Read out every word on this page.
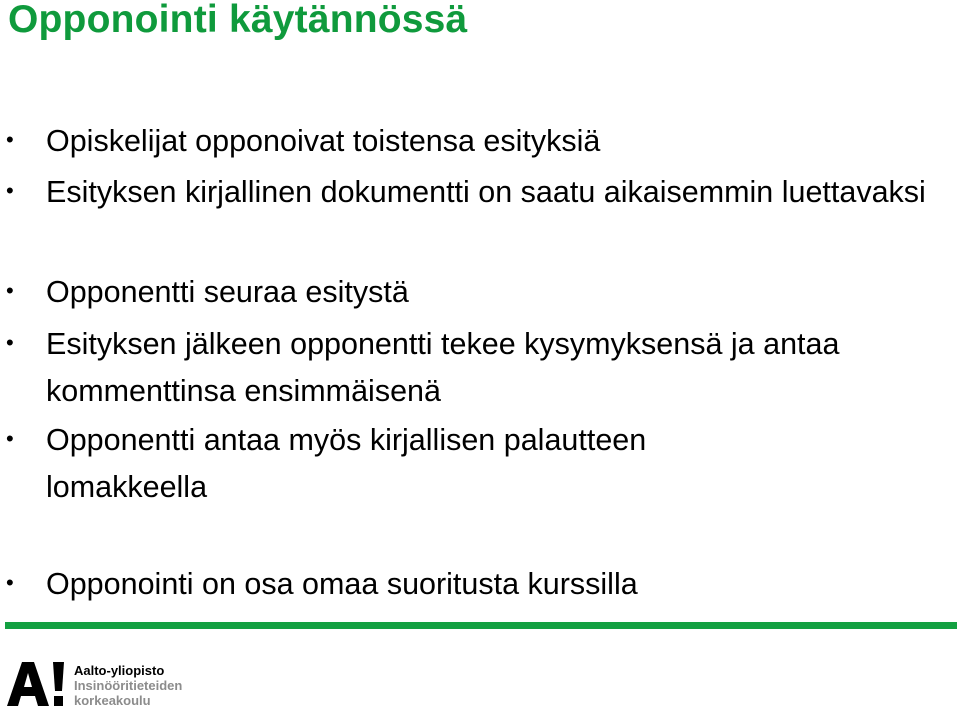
Opponointi käytännössä
• Opiskelijat opponoivat toistensa esityksiä
• Esityksen kirjallinen dokumentti on saatu aikaisemmin luettavaksi
• Opponentti seuraa esitystä
• Esityksen jälkeen opponentti tekee kysymyksensä ja antaa kommenttinsa ensimmäisenä
• Opponentti antaa myös kirjallisen palautteen lomakkeella
• Opponointi on osa omaa suoritusta kurssilla
Aalto-yliopisto
Insinööritieteiden
korkeakoulu
